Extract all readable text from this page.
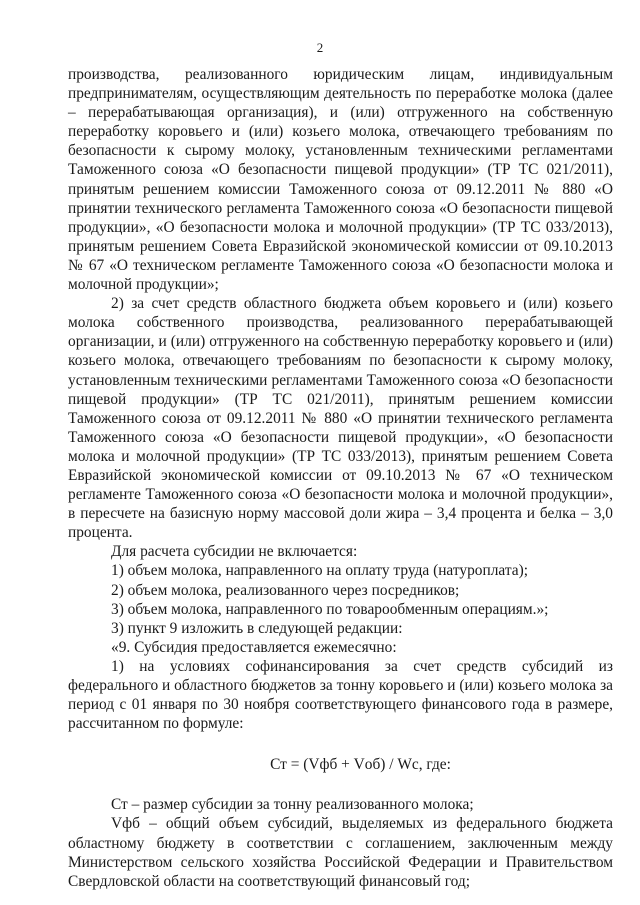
2

производства, реализованного юридическим лицам, индивидуальным предпринимателям, осуществляющим деятельность по переработке молока (далее – перерабатывающая организация), и (или) отгруженного на собственную переработку коровьего и (или) козьего молока, отвечающего требованиям по безопасности к сырому молоку, установленным техническими регламентами Таможенного союза «О безопасности пищевой продукции» (ТР ТС 021/2011), принятым решением комиссии Таможенного союза от 09.12.2011 № 880 «О принятии технического регламента Таможенного союза «О безопасности пищевой продукции», «О безопасности молока и молочной продукции» (ТР ТС 033/2013), принятым решением Совета Евразийской экономической комиссии от 09.10.2013 № 67 «О техническом регламенте Таможенного союза «О безопасности молока и молочной продукции»;

2) за счет средств областного бюджета объем коровьего и (или) козьего молока собственного производства, реализованного перерабатывающей организации, и (или) отгруженного на собственную переработку коровьего и (или) козьего молока, отвечающего требованиям по безопасности к сырому молоку, установленным техническими регламентами Таможенного союза «О безопасности пищевой продукции» (ТР ТС 021/2011), принятым решением комиссии Таможенного союза от 09.12.2011 № 880 «О принятии технического регламента Таможенного союза «О безопасности пищевой продукции», «О безопасности молока и молочной продукции» (ТР ТС 033/2013), принятым решением Совета Евразийской экономической комиссии от 09.10.2013 № 67 «О техническом регламенте Таможенного союза «О безопасности молока и молочной продукции», в пересчете на базисную норму массовой доли жира – 3,4 процента и белка – 3,0 процента.

Для расчета субсидии не включается:

1) объем молока, направленного на оплату труда (натуроплата);

2) объем молока, реализованного через посредников;

3) объем молока, направленного по товарообменным операциям.»;

3) пункт 9 изложить в следующей редакции:

«9. Субсидия предоставляется ежемесячно:

1) на условиях софинансирования за счет средств субсидий из федерального и областного бюджетов за тонну коровьего и (или) козьего молока за период с 01 января по 30 ноября соответствующего финансового года в размере, рассчитанном по формуле:

Ст = (Vфб + Vоб) / Wс, где:

Ст – размер субсидии за тонну реализованного молока;

Vфб – общий объем субсидий, выделяемых из федерального бюджета областному бюджету в соответствии с соглашением, заключенным между Министерством сельского хозяйства Российской Федерации и Правительством Свердловской области на соответствующий финансовый год;
